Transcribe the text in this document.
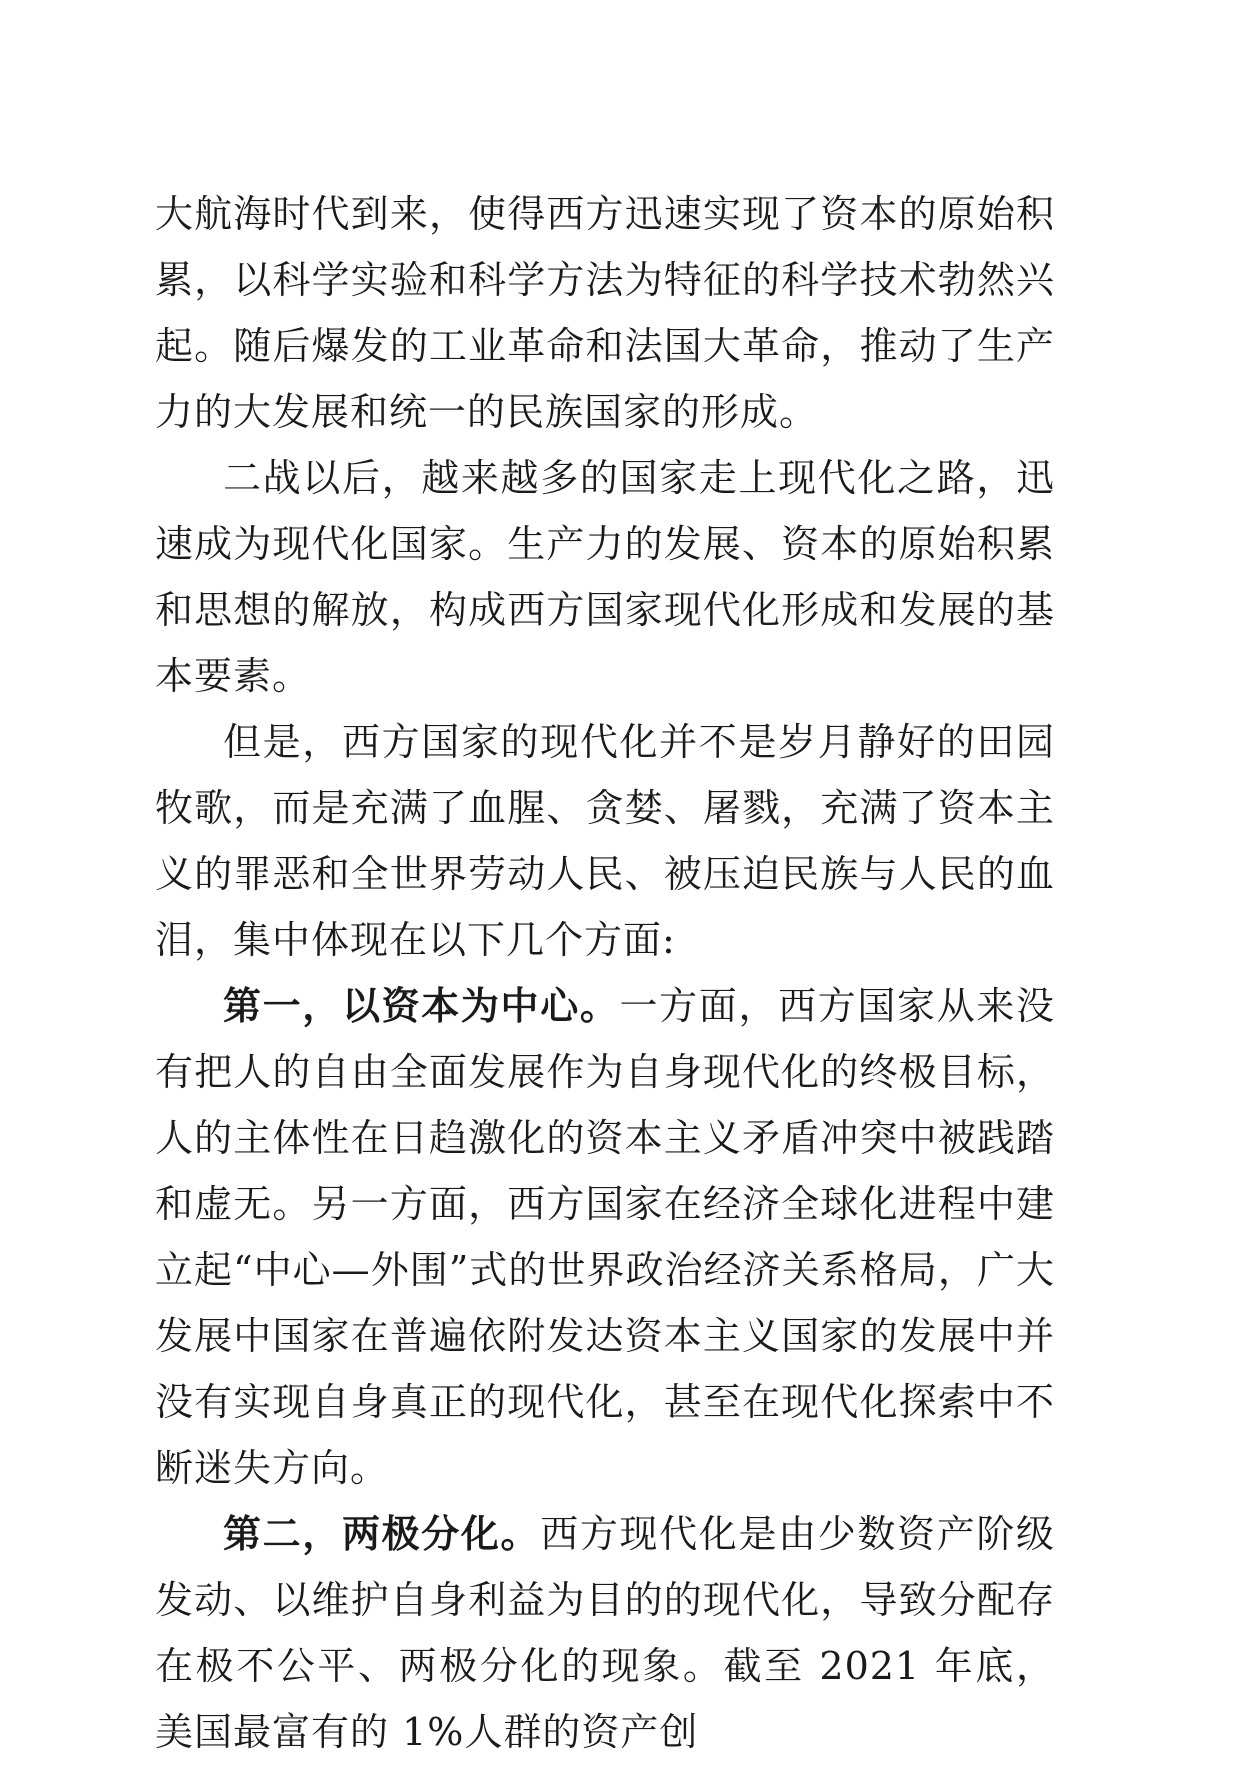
大航海时代到来，使得西方迅速实现了资本的原始积累，以科学实验和科学方法为特征的科学技术勃然兴起。随后爆发的工业革命和法国大革命，推动了生产力的大发展和统一的民族国家的形成。

二战以后，越来越多的国家走上现代化之路，迅速成为现代化国家。生产力的发展、资本的原始积累和思想的解放，构成西方国家现代化形成和发展的基本要素。

但是，西方国家的现代化并不是岁月静好的田园牧歌，而是充满了血腥、贪婪、屠戮，充满了资本主义的罪恶和全世界劳动人民、被压迫民族与人民的血泪，集中体现在以下几个方面:

第一，以资本为中心。一方面，西方国家从来没有把人的自由全面发展作为自身现代化的终极目标，人的主体性在日趋激化的资本主义矛盾冲突中被践踏和虚无。另一方面，西方国家在经济全球化进程中建立起“中心—外围”式的世界政治经济关系格局，广大发展中国家在普遍依附发达资本主义国家的发展中并没有实现自身真正的现代化，甚至在现代化探索中不断迷失方向。

第二，两极分化。西方现代化是由少数资产阶级发动、以维护自身利益为目的的现代化，导致分配存在极不公平、两极分化的现象。截至 2021 年底，美国最富有的 1%人群的资产创
